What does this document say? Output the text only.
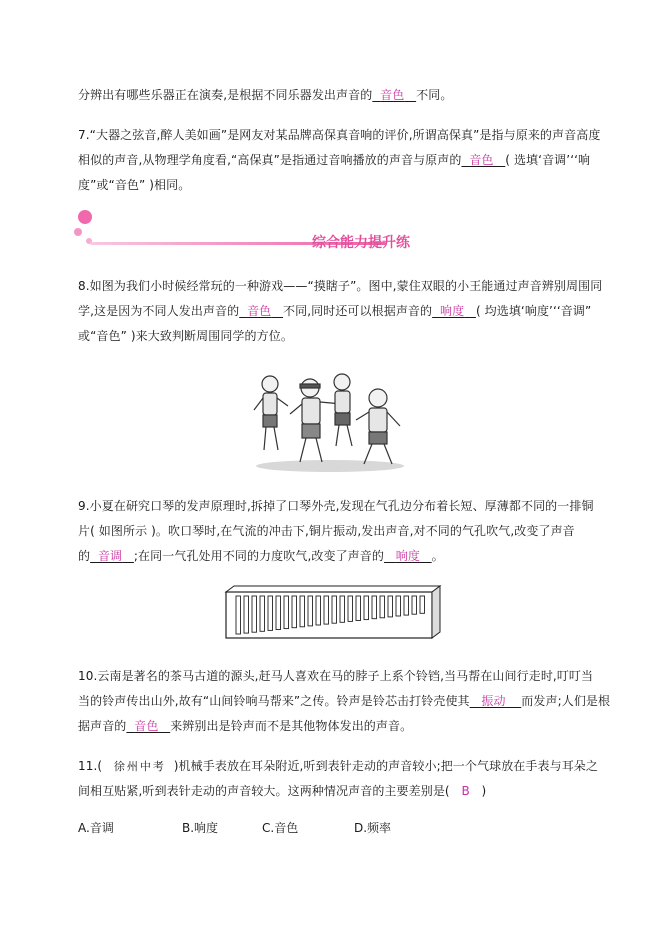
分辨出有哪些乐器正在演奏,是根据不同乐器发出声音的 音色 不同。
7.“大器之弦音,醉人美如画”是网友对某品牌高保真音响的评价,所谓高保真”是指与原来的声音高度
相似的声音,从物理学角度看,“高保真”是指通过音响播放的声音与原声的 音色 ( 选填‘音调’‘‘响
度”或“音色” )相同。
综合能力提升练
8.如图为我们小时候经常玩的一种游戏——“摸瞎子”。图中,蒙住双眼的小王能通过声音辨别周围同
学,这是因为不同人发出声音的 音色 不同,同时还可以根据声音的 响度 ( 均选填‘响度’‘‘音调”
或“音色” )来大致判断周围同学的方位。
9.小夏在研究口琴的发声原理时,拆掉了口琴外壳,发现在气孔边分布着长短、厚薄都不同的一排铜
片( 如图所示 )。吹口琴时,在气流的冲击下,铜片振动,发出声音,对不同的气孔吹气,改变了声音
的 音调 ;在同一气孔处用不同的力度吹气,改变了声音的 响度 。
10.云南是著名的茶马古道的源头,赶马人喜欢在马的脖子上系个铃铛,当马帮在山间行走时,叮叮当
当的铃声传出山外,故有“山间铃响马帮来”之传。铃声是铃芯击打铃壳使其 振动 而发声;人们是根
据声音的 音色 来辨别出是铃声而不是其他物体发出的声音。
11.( 徐州中考 )机械手表放在耳朵附近,听到表针走动的声音较小;把一个气球放在手表与耳朵之
间相互贴紧,听到表针走动的声音较大。这两种情况声音的主要差别是( B )
A.音调	B.响度	C.音色	D.频率
